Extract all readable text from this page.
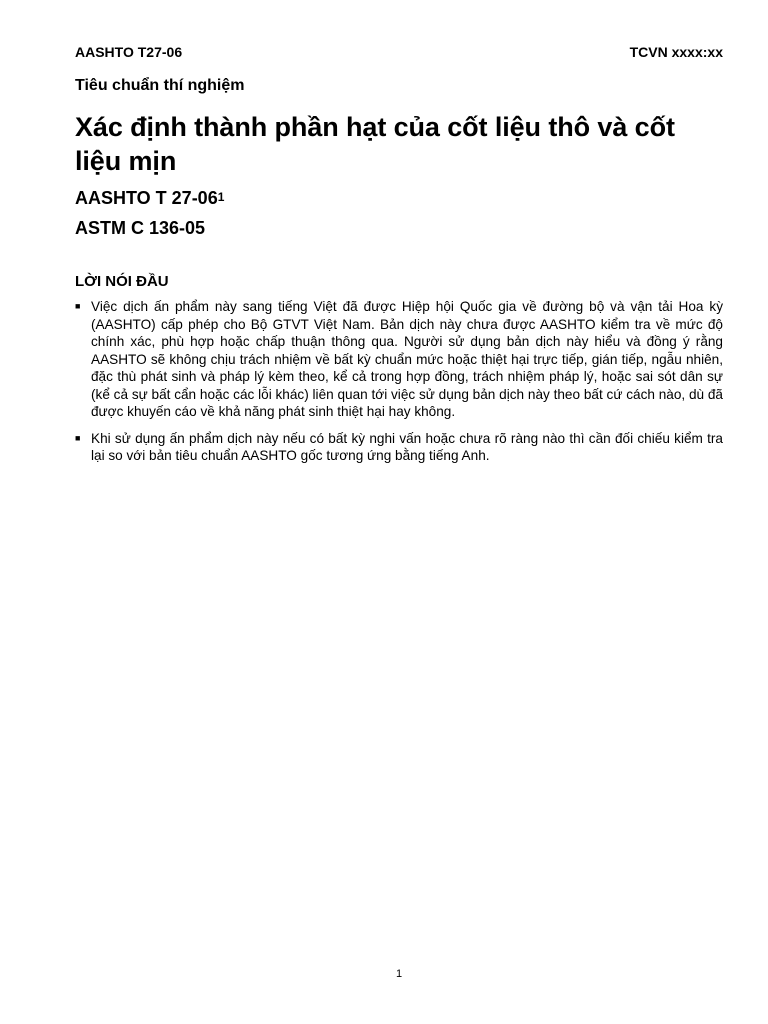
AASHTO T27-06	TCVN xxxx:xx
Tiêu chuẩn thí nghiệm
Xác định thành phần hạt của cốt liệu thô và cốt liệu mịn
AASHTO T $27-06^1$
ASTM C 136-05
LỜI NÓI ĐẦU
■ Việc dịch ấn phẩm này sang tiếng Việt đã được Hiệp hội Quốc gia về đường bộ và vận tải Hoa kỳ (AASHTO) cấp phép cho Bộ GTVT Việt Nam. Bản dịch này chưa được AASHTO kiểm tra về mức độ chính xác, phù hợp hoặc chấp thuận thông qua. Người sử dụng bản dịch này hiểu và đồng ý rằng AASHTO sẽ không chịu trách nhiệm về bất kỳ chuẩn mức hoặc thiệt hại trực tiếp, gián tiếp, ngẫu nhiên, đặc thù phát sinh và pháp lý kèm theo, kể cả trong hợp đồng, trách nhiệm pháp lý, hoặc sai sót dân sự (kể cả sự bất cẩn hoặc các lỗi khác) liên quan tới việc sử dụng bản dịch này theo bất cứ cách nào, dù đã được khuyến cáo về khả năng phát sinh thiệt hại hay không.
■ Khi sử dụng ấn phẩm dịch này nếu có bất kỳ nghi vấn hoặc chưa rõ ràng nào thì cần đối chiếu kiểm tra lại so với bản tiêu chuẩn AASHTO gốc tương ứng bằng tiếng Anh.
1
